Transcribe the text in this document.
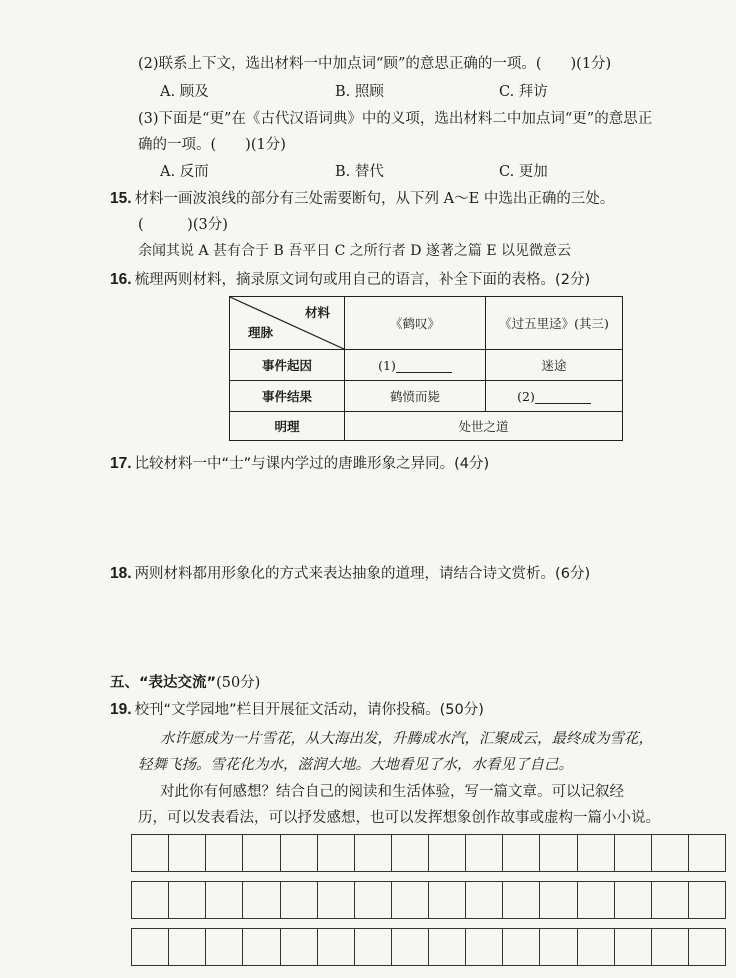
(2)联系上下文，选出材料一中加点词“顾”的意思正确的一项。(　　)(1分)
A. 顾及	B. 照顾	C. 拜访
(3)下面是“更”在《古代汉语词典》中的义项，选出材料二中加点词“更”的意思正
确的一项。(　　)(1分)
A. 反而	B. 替代	C. 更加
15. 材料一画波浪线的部分有三处需要断句，从下列 A～E 中选出正确的三处。
(　　　)(3分)
余闻其说 A 甚有合于 B 吾平日 C 之所行者 D 遂著之篇 E 以见微意云
16. 梳理两则材料，摘录原文词句或用自己的语言，补全下面的表格。(2分)
材料
理脉	《鹤叹》	《过五里迳》(其三)
事件起因	(1)	迷途
事件结果	鹤愤而毙	(2)
明理	处世之道	
17. 比较材料一中“士”与课内学过的唐雎形象之异同。(4分)
18. 两则材料都用形象化的方式来表达抽象的道理，请结合诗文赏析。(6分)
五、“表达交流”(50分)
19. 校刊“文学园地”栏目开展征文活动，请你投稿。(50分)
水许愿成为一片雪花，从大海出发，升腾成水汽，汇聚成云，最终成为雪花，
轻舞飞扬。雪花化为水，滋润大地。大地看见了水，水看见了自己。
对此你有何感想？结合自己的阅读和生活体验，写一篇文章。可以记叙经
历，可以发表看法，可以抒发感想，也可以发挥想象创作故事或虚构一篇小小说。
